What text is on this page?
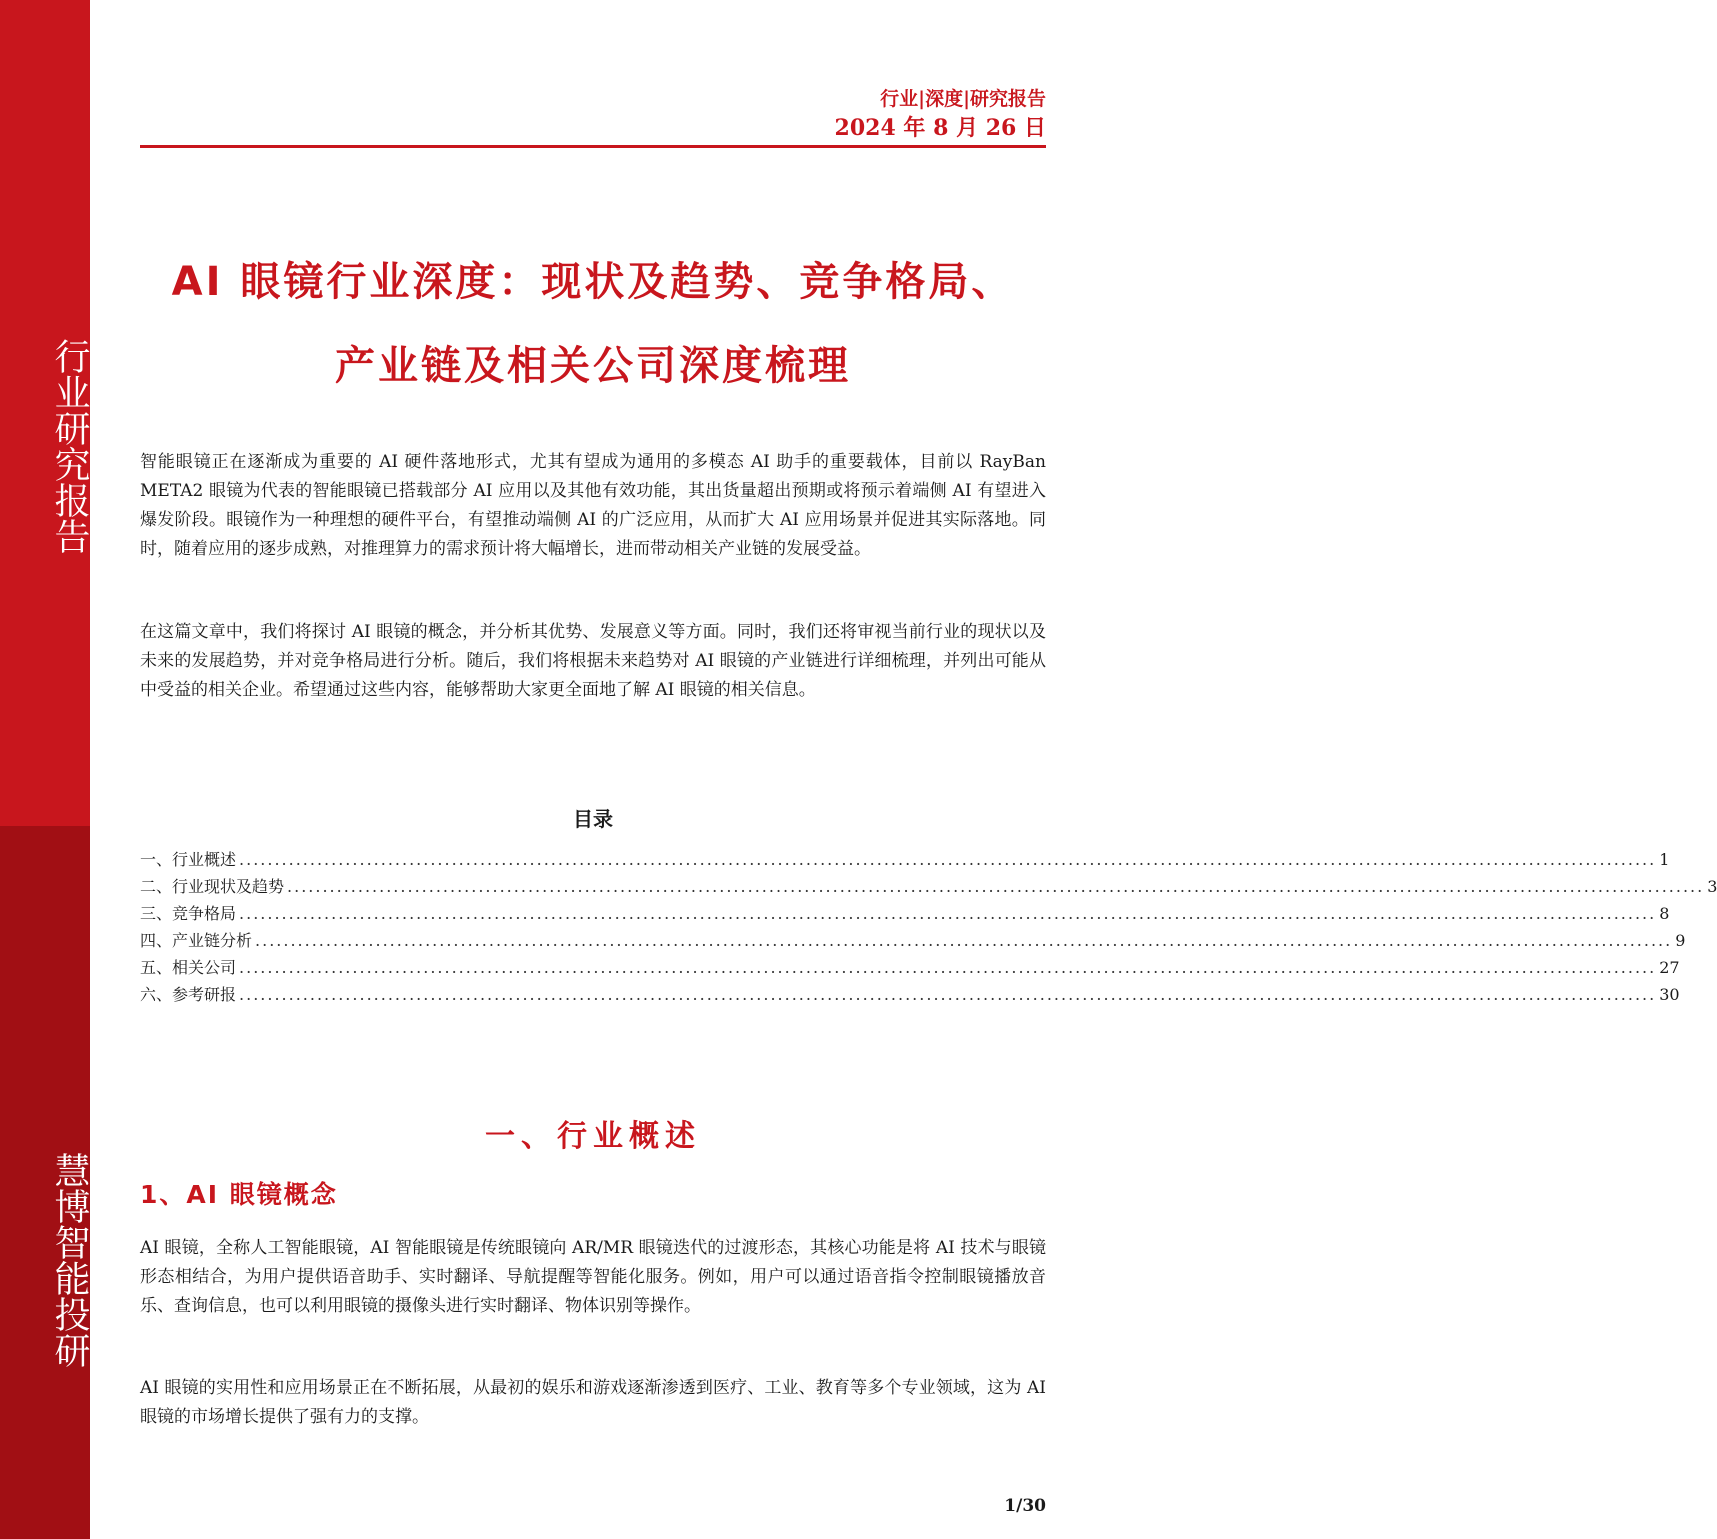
行业研究报告
慧博智能投研
行业|深度|研究报告
2024 年 8 月 26 日
AI 眼镜行业深度：现状及趋势、竞争格局、
产业链及相关公司深度梳理

智能眼镜正在逐渐成为重要的 AI 硬件落地形式，尤其有望成为通用的多模态 AI 助手的重要载体，目前以 RayBan META2 眼镜为代表的智能眼镜已搭载部分 AI 应用以及其他有效功能，其出货量超出预期或将预示着端侧 AI 有望进入爆发阶段。眼镜作为一种理想的硬件平台，有望推动端侧 AI 的广泛应用，从而扩大 AI 应用场景并促进其实际落地。同时，随着应用的逐步成熟，对推理算力的需求预计将大幅增长，进而带动相关产业链的发展受益。

在这篇文章中，我们将探讨 AI 眼镜的概念，并分析其优势、发展意义等方面。同时，我们还将审视当前行业的现状以及未来的发展趋势，并对竞争格局进行分析。随后，我们将根据未来趋势对 AI 眼镜的产业链进行详细梳理，并列出可能从中受益的相关企业。希望通过这些内容，能够帮助大家更全面地了解 AI 眼镜的相关信息。

目录
一、行业概述 ........................................................................................................................................................................................................ 1
二、行业现状及趋势 ........................................................................................................................................................................................................ 3
三、竞争格局 ........................................................................................................................................................................................................ 8
四、产业链分析 ........................................................................................................................................................................................................ 9
五、相关公司 ........................................................................................................................................................................................................ 27
六、参考研报 ........................................................................................................................................................................................................ 30
一、行业概述
1、AI 眼镜概念

AI 眼镜，全称人工智能眼镜，AI 智能眼镜是传统眼镜向 AR/MR 眼镜迭代的过渡形态，其核心功能是将 AI 技术与眼镜形态相结合，为用户提供语音助手、实时翻译、导航提醒等智能化服务。例如，用户可以通过语音指令控制眼镜播放音乐、查询信息，也可以利用眼镜的摄像头进行实时翻译、物体识别等操作。

AI 眼镜的实用性和应用场景正在不断拓展，从最初的娱乐和游戏逐渐渗透到医疗、工业、教育等多个专业领域，这为 AI 眼镜的市场增长提供了强有力的支撑。

1/30
